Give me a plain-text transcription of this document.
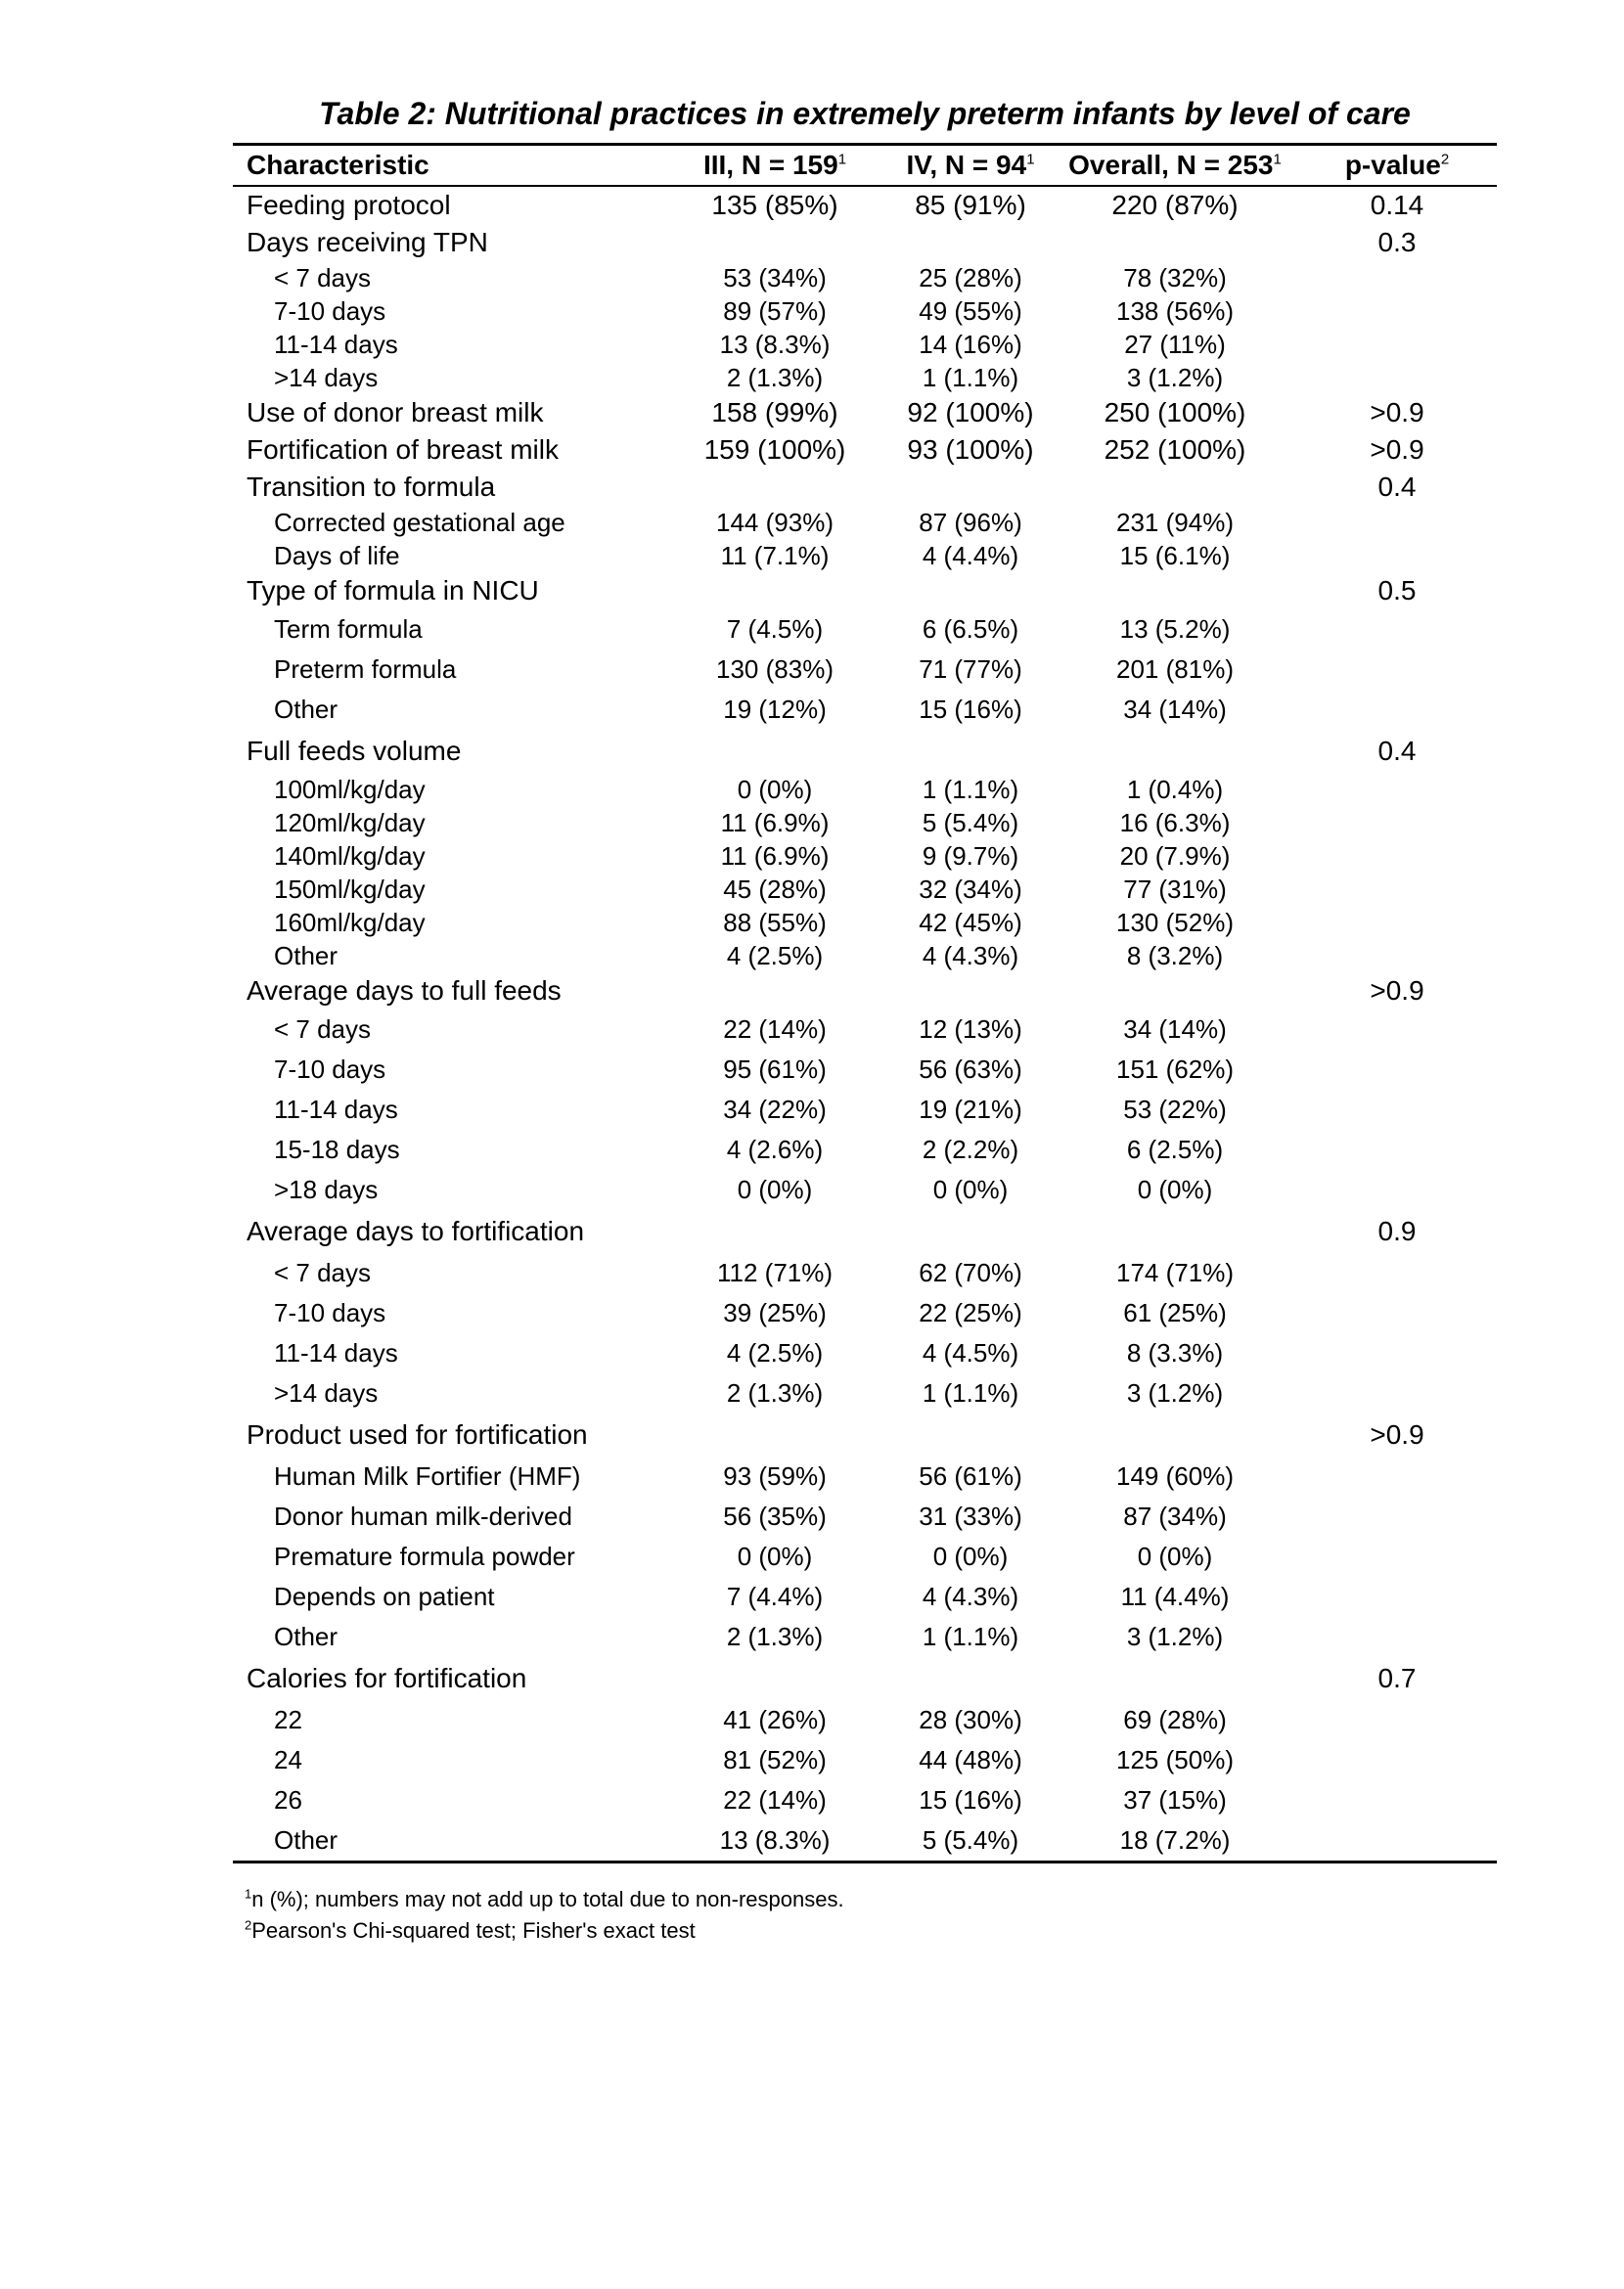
Table 2: Nutritional practices in extremely preterm infants by level of care
Characteristic	III, $N = 159^1$	IV, $N = 94^1$	Overall, $N = 253^1$	p-value$^2$
Feeding protocol	135 (85%)	85 (91%)	220 (87%)	0.14
Days receiving TPN				0.3
< 7 days	53 (34%)	25 (28%)	78 (32%)	
7-10 days	89 (57%)	49 (55%)	138 (56%)	
11-14 days	13 (8.3%)	14 (16%)	27 (11%)	
>14 days	2 (1.3%)	1 (1.1%)	3 (1.2%)	
Use of donor breast milk	158 (99%)	92 (100%)	250 (100%)	>0.9
Fortification of breast milk	159 (100%)	93 (100%)	252 (100%)	>0.9
Transition to formula				0.4
Corrected gestational age	144 (93%)	87 (96%)	231 (94%)	
Days of life	11 (7.1%)	4 (4.4%)	15 (6.1%)	
Type of formula in NICU				0.5
Term formula	7 (4.5%)	6 (6.5%)	13 (5.2%)	
Preterm formula	130 (83%)	71 (77%)	201 (81%)	
Other	19 (12%)	15 (16%)	34 (14%)	
Full feeds volume				0.4
100ml/kg/day	0 (0%)	1 (1.1%)	1 (0.4%)	
120ml/kg/day	11 (6.9%)	5 (5.4%)	16 (6.3%)	
140ml/kg/day	11 (6.9%)	9 (9.7%)	20 (7.9%)	
150ml/kg/day	45 (28%)	32 (34%)	77 (31%)	
160ml/kg/day	88 (55%)	42 (45%)	130 (52%)	
Other	4 (2.5%)	4 (4.3%)	8 (3.2%)	
Average days to full feeds				>0.9
< 7 days	22 (14%)	12 (13%)	34 (14%)	
7-10 days	95 (61%)	56 (63%)	151 (62%)	
11-14 days	34 (22%)	19 (21%)	53 (22%)	
15-18 days	4 (2.6%)	2 (2.2%)	6 (2.5%)	
>18 days	0 (0%)	0 (0%)	0 (0%)	
Average days to fortification				0.9
< 7 days	112 (71%)	62 (70%)	174 (71%)	
7-10 days	39 (25%)	22 (25%)	61 (25%)	
11-14 days	4 (2.5%)	4 (4.5%)	8 (3.3%)	
>14 days	2 (1.3%)	1 (1.1%)	3 (1.2%)	
Product used for fortification				>0.9
Human Milk Fortifier (HMF)	93 (59%)	56 (61%)	149 (60%)	
Donor human milk-derived	56 (35%)	31 (33%)	87 (34%)	
Premature formula powder	0 (0%)	0 (0%)	0 (0%)	
Depends on patient	7 (4.4%)	4 (4.3%)	11 (4.4%)	
Other	2 (1.3%)	1 (1.1%)	3 (1.2%)	
Calories for fortification				0.7
22	41 (26%)	28 (30%)	69 (28%)	
24	81 (52%)	44 (48%)	125 (50%)	
26	22 (14%)	15 (16%)	37 (15%)	
Other	13 (8.3%)	5 (5.4%)	18 (7.2%)	
$^1$n (%); numbers may not add up to total due to non-responses.
$^2$Pearson's Chi-squared test; Fisher's exact test
